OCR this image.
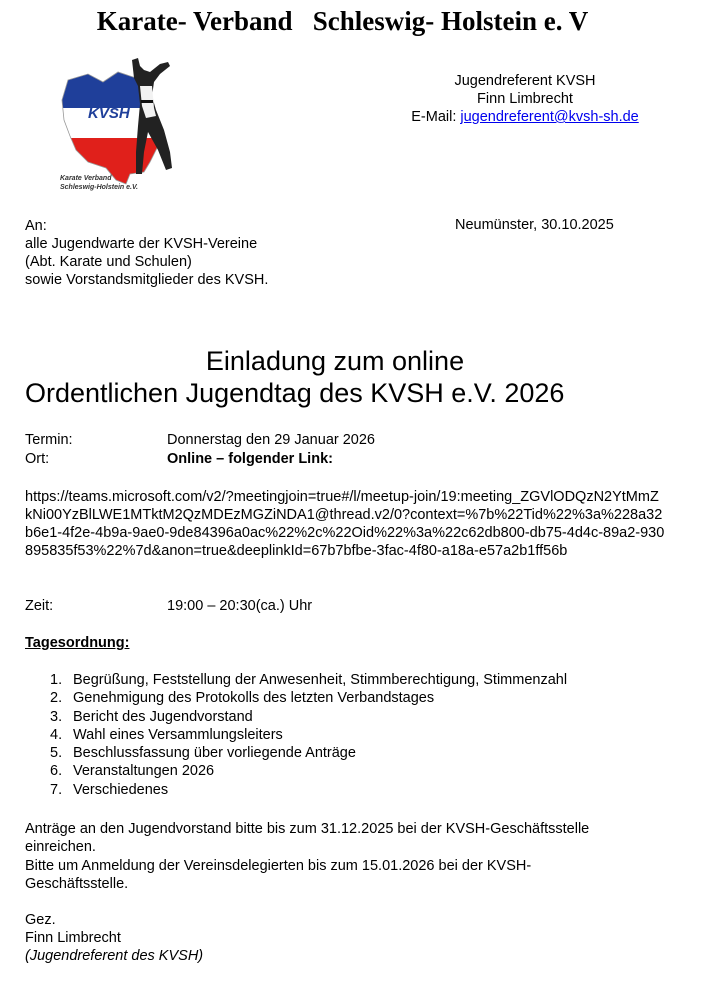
Karate- Verband   Schleswig- Holstein e. V
KVSH
Karate Verband
Schleswig-Holstein e.V.
Jugendreferent KVSH
Finn Limbrecht
E-Mail: jugendreferent@kvsh-sh.de
An:
alle Jugendwarte der KVSH-Vereine
(Abt. Karate und Schulen)
sowie Vorstandsmitglieder des KVSH.
Neumünster, 30.10.2025
Einladung zum online
Ordentlichen Jugendtag des KVSH e.V. 2026
Termin:	Donnerstag den 29 Januar 2026
Ort:	Online – folgender Link:
https://teams.microsoft.com/v2/?meetingjoin=true#/l/meetup-join/19:meeting_ZGVlODQzN2YtMmZkNi00YzBlLWE1MTktM2QzMDEzMGZiNDA1@thread.v2/0?context=%7b%22Tid%22%3a%228a32b6e1-4f2e-4b9a-9ae0-9de84396a0ac%22%2c%22Oid%22%3a%22c62db800-db75-4d4c-89a2-930895835f53%22%7d&anon=true&deeplinkId=67b7bfbe-3fac-4f80-a18a-e57a2b1ff56b
Zeit:	19:00 – 20:30(ca.) Uhr
Tagesordnung:
1. Begrüßung, Feststellung der Anwesenheit, Stimmberechtigung, Stimmenzahl
2. Genehmigung des Protokolls des letzten Verbandstages
3. Bericht des Jugendvorstand
4. Wahl eines Versammlungsleiters
5. Beschlussfassung über vorliegende Anträge
6. Veranstaltungen 2026
7. Verschiedenes
Anträge an den Jugendvorstand bitte bis zum 31.12.2025 bei der KVSH-Geschäftsstelle einreichen.
Bitte um Anmeldung der Vereinsdelegierten bis zum 15.01.2026 bei der KVSH-Geschäftsstelle.
Gez.
Finn Limbrecht
(Jugendreferent des KVSH)
